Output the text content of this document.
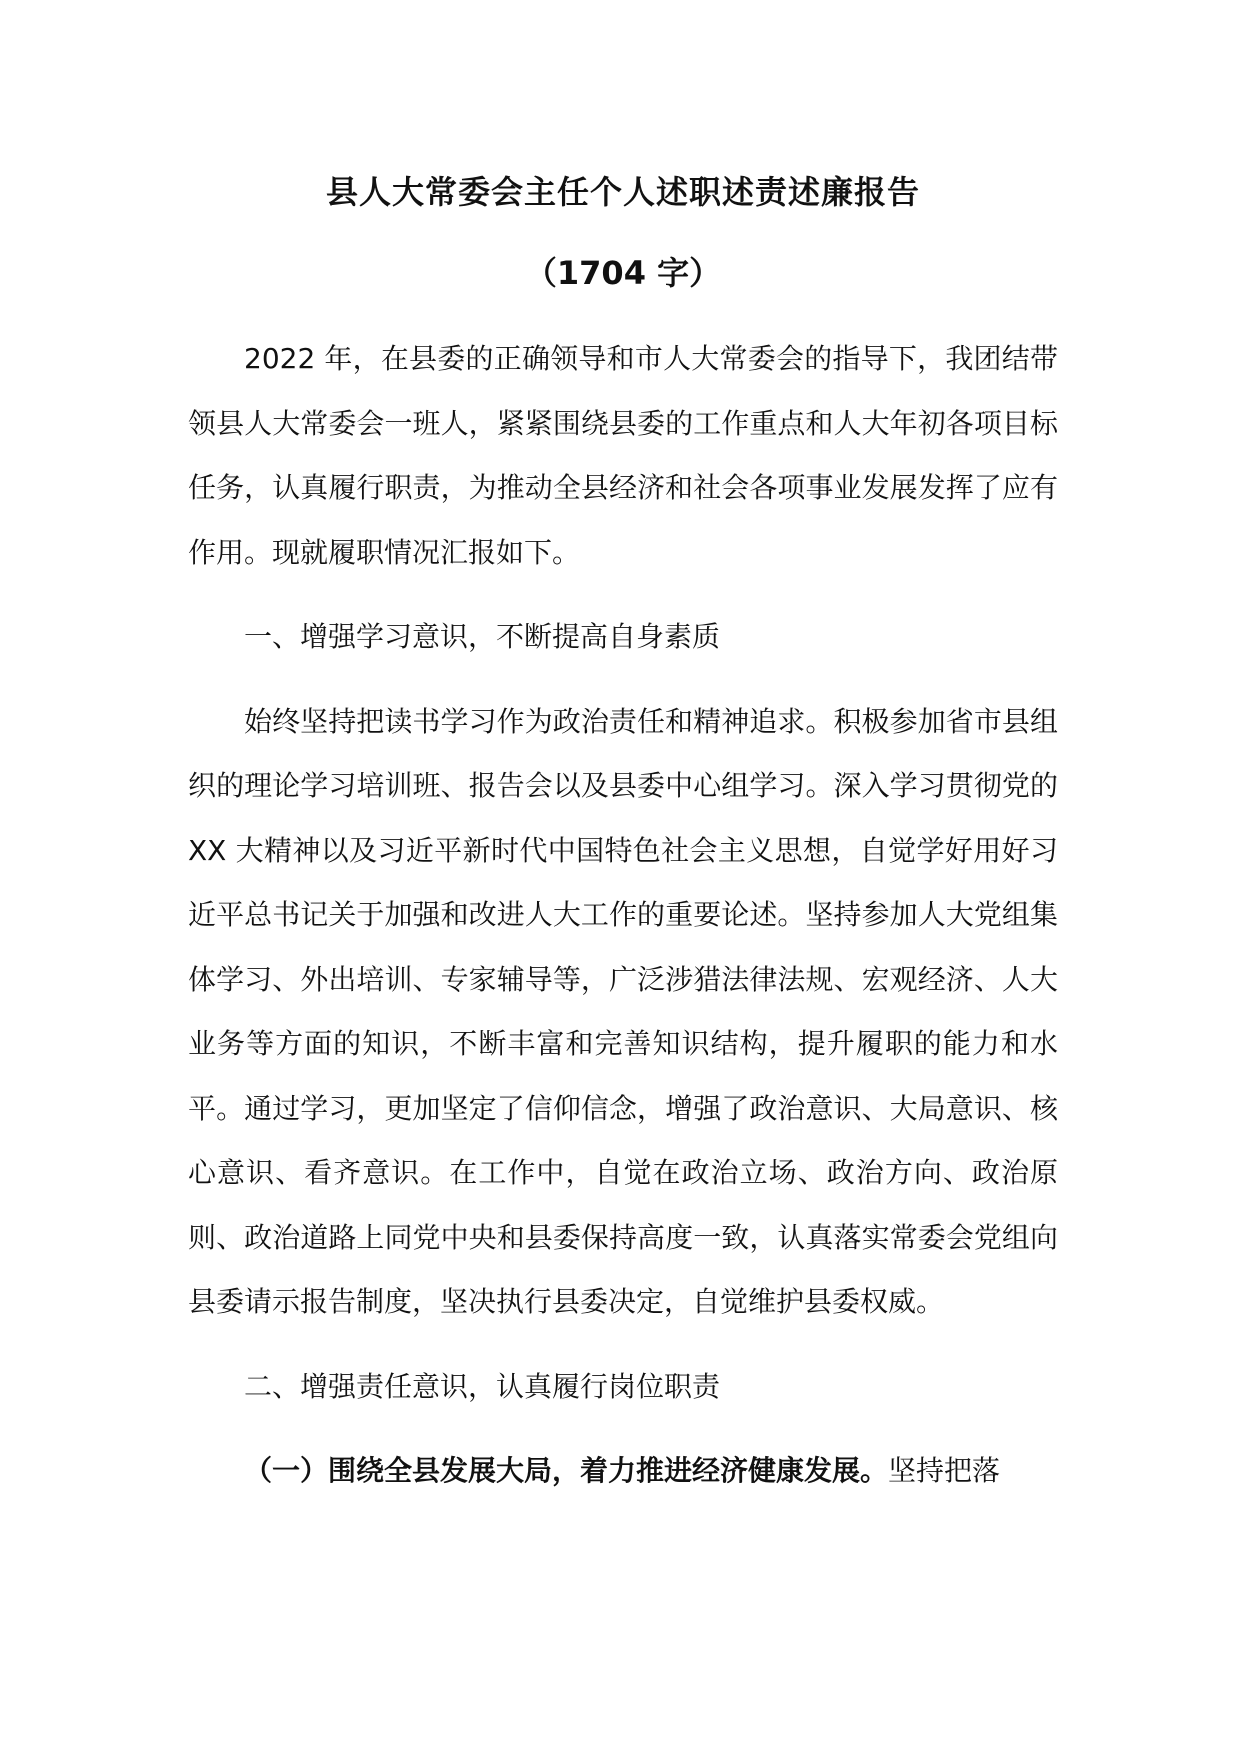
县人大常委会主任个人述职述责述廉报告
（1704 字）

2022 年，在县委的正确领导和市人大常委会的指导下，我团结带领县人大常委会一班人，紧紧围绕县委的工作重点和人大年初各项目标任务，认真履行职责，为推动全县经济和社会各项事业发展发挥了应有作用。现就履职情况汇报如下。

一、增强学习意识，不断提高自身素质

始终坚持把读书学习作为政治责任和精神追求。积极参加省市县组织的理论学习培训班、报告会以及县委中心组学习。深入学习贯彻党的 XX 大精神以及习近平新时代中国特色社会主义思想，自觉学好用好习近平总书记关于加强和改进人大工作的重要论述。坚持参加人大党组集体学习、外出培训、专家辅导等，广泛涉猎法律法规、宏观经济、人大业务等方面的知识，不断丰富和完善知识结构，提升履职的能力和水平。通过学习，更加坚定了信仰信念，增强了政治意识、大局意识、核心意识、看齐意识。在工作中，自觉在政治立场、政治方向、政治原则、政治道路上同党中央和县委保持高度一致，认真落实常委会党组向县委请示报告制度，坚决执行县委决定，自觉维护县委权威。

二、增强责任意识，认真履行岗位职责

（一）围绕全县发展大局，着力推进经济健康发展。坚持把落
